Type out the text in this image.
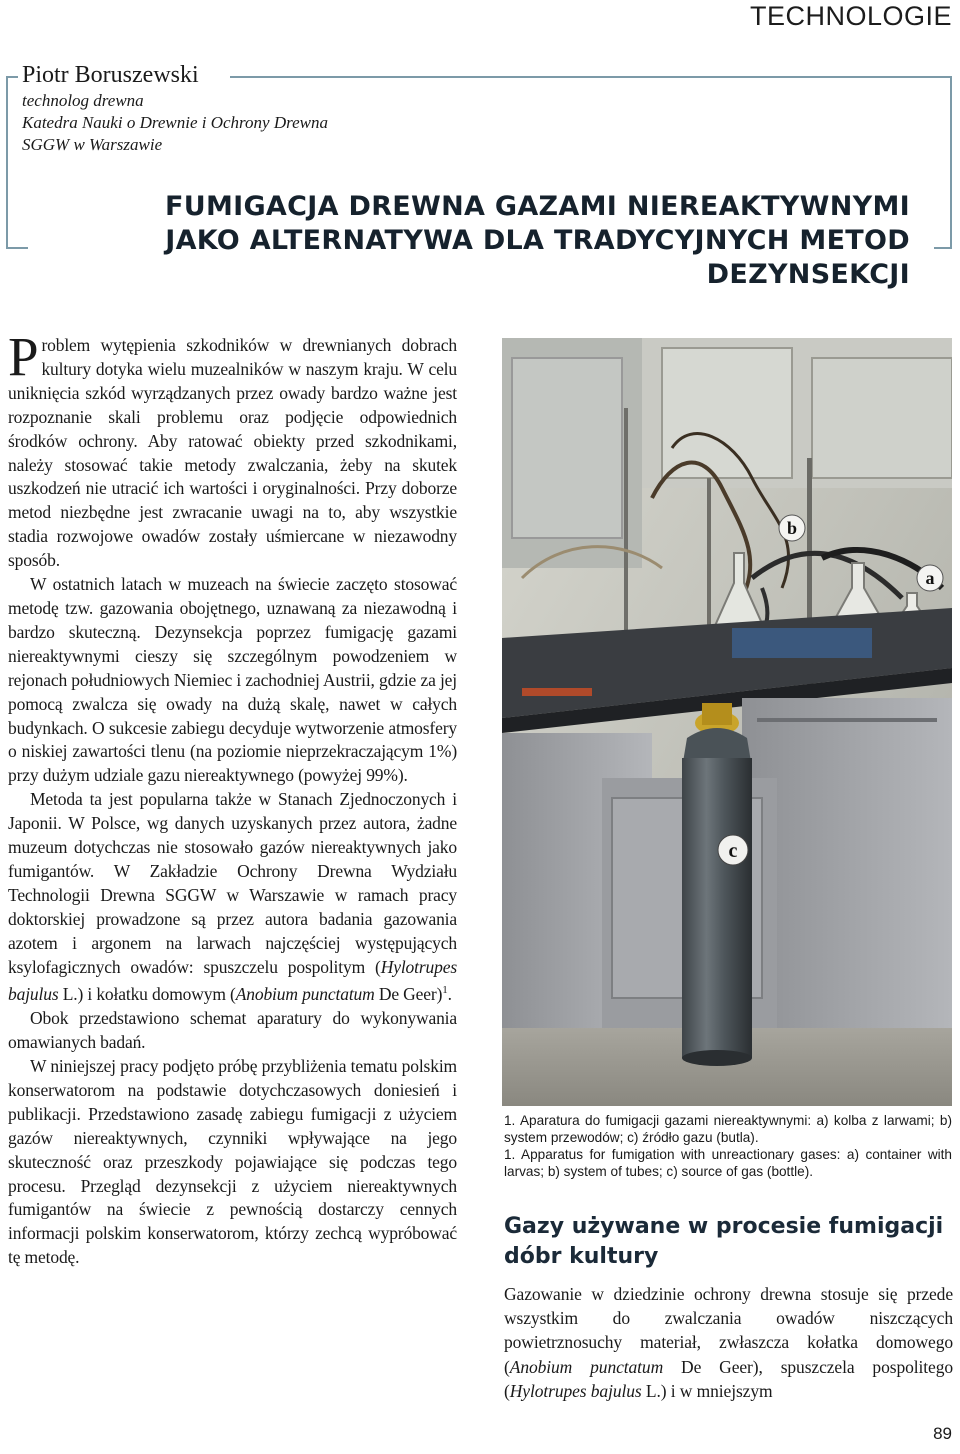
TECHNOLOGIE

Piotr Boruszewski

technolog drewna

Katedra Nauki o Drewnie i Ochrony Drewna

SGGW w Warszawie

FUMIGACJA DREWNA GAZAMI NIEREAKTYWNYMI
JAKO ALTERNATYWA DLA TRADYCYJNYCH METOD DEZYNSEKCJI

Problem wytępienia szkodników w drewnianych dobrach kultury dotyka wielu muzealników w naszym kraju. W celu uniknięcia szkód wyrządzanych przez owady bardzo ważne jest rozpoznanie skali problemu oraz podjęcie odpowiednich środków ochrony. Aby ratować obiekty przed szkodnikami, należy stosować takie metody zwalczania, żeby na skutek uszkodzeń nie utracić ich wartości i oryginalności. Przy doborze metod niezbędne jest zwracanie uwagi na to, aby wszystkie stadia rozwojowe owadów zostały uśmiercane w niezawodny sposób.

W ostatnich latach w muzeach na świecie zaczęto stosować metodę tzw. gazowania obojętnego, uznawaną za niezawodną i bardzo skuteczną. Dezynsekcja poprzez fumigację gazami niereaktywnymi cieszy się szczególnym powodzeniem w rejonach południowych Niemiec i zachodniej Austrii, gdzie za jej pomocą zwalcza się owady na dużą skalę, nawet w całych budynkach. O sukcesie zabiegu decyduje wytworzenie atmosfery o niskiej zawartości tlenu (na poziomie nieprzekraczającym 1%) przy dużym udziale gazu niereaktywnego (powyżej 99%).

Metoda ta jest popularna także w Stanach Zjednoczonych i Japonii. W Polsce, wg danych uzyskanych przez autora, żadne muzeum dotychczas nie stosowało gazów niereaktywnych jako fumigantów. W Zakładzie Ochrony Drewna Wydziału Technologii Drewna SGGW w Warszawie w ramach pracy doktorskiej prowadzone są przez autora badania gazowania azotem i argonem na larwach najczęściej występujących ksylofagicznych owadów: spuszczelu pospolitym (Hylotrupes bajulus L.) i kołatku domowym (Anobium punctatum De Geer)$^1$.

Obok przedstawiono schemat aparatury do wykonywania omawianych badań.

W niniejszej pracy podjęto próbę przybliżenia tematu polskim konserwatorom na podstawie dotychczasowych doniesień i publikacji. Przedstawiono zasadę zabiegu fumigacji z użyciem gazów niereaktywnych, czynniki wpływające na jego skuteczność oraz przeszkody pojawiające się podczas tego procesu. Przegląd dezynsekcji z użyciem niereaktywnych fumigantów na świecie z pewnością dostarczy cennych informacji polskim konserwatorom, którzy zechcą wypróbować tę metodę.

b
a
c

1. Aparatura do fumigacji gazami niereaktywnymi: a) kolba z larwami; b) system przewodów; c) źródło gazu (butla).

1. Apparatus for fumigation with unreactionary gases: a) container with larvas; b) system of tubes; c) source of gas (bottle).

Gazy używane w procesie fumigacji dóbr kultury

Gazowanie w dziedzinie ochrony drewna stosuje się przede wszystkim do zwalczania owadów niszczących powietrznosuchy materiał, zwłaszcza kołatka domowego (Anobium punctatum De Geer), spuszczela pospolitego (Hylotrupes bajulus L.) i w mniejszym

89
